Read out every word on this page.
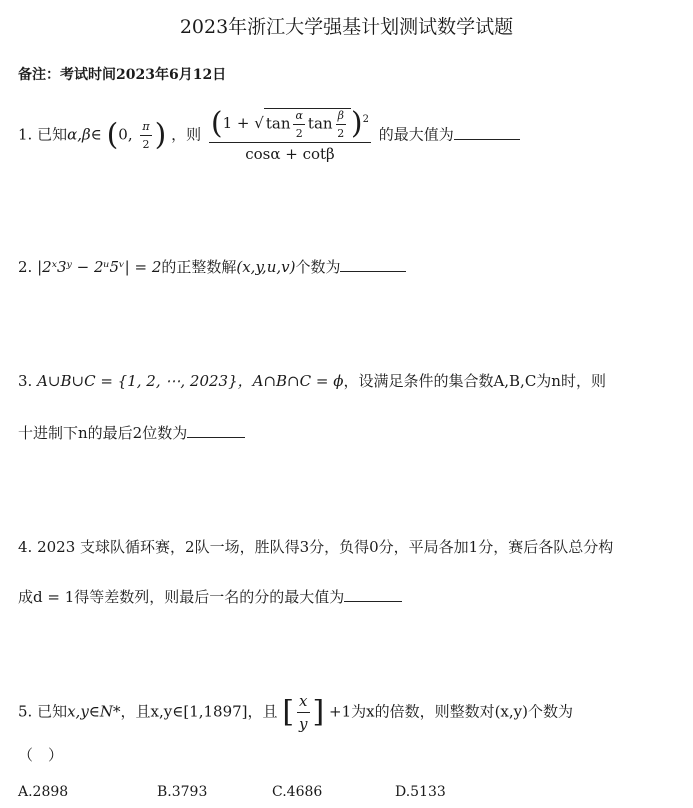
2023年浙江大学强基计划测试数学试题
备注：考试时间2023年6月12日
1. 已知α,β∈ (0, $\frac{\pi}{2}$ ) ，则 $\frac{(1 + √ \tan \frac{\alpha}{2} \tan \frac{\beta}{2} )^2}{\cos\alpha + \cot\beta}$ 的最大值为
2. |2ˣ3ʸ − 2ᵘ5ᵛ| = 2的正整数解(x,y,u,v)个数为
3. A∪B∪C = {1, 2, ⋯, 2023}，A∩B∩C = ϕ，设满足条件的集合数A,B,C为n时，则
十进制下n的最后2位数为
4. 2023 支球队循环赛，2队一场，胜队得3分，负得0分，平局各加1分，赛后各队总分构
成d = 1得等差数列，则最后一名的分的最大值为
5. 已知x,y∈N*，且x,y∈[1,1897]，且 [ $\frac{x}{y}$ ] +1为x的倍数，则整数对(x,y)个数为
（　）
A.2898	B.3793	C.4686	D.5133
